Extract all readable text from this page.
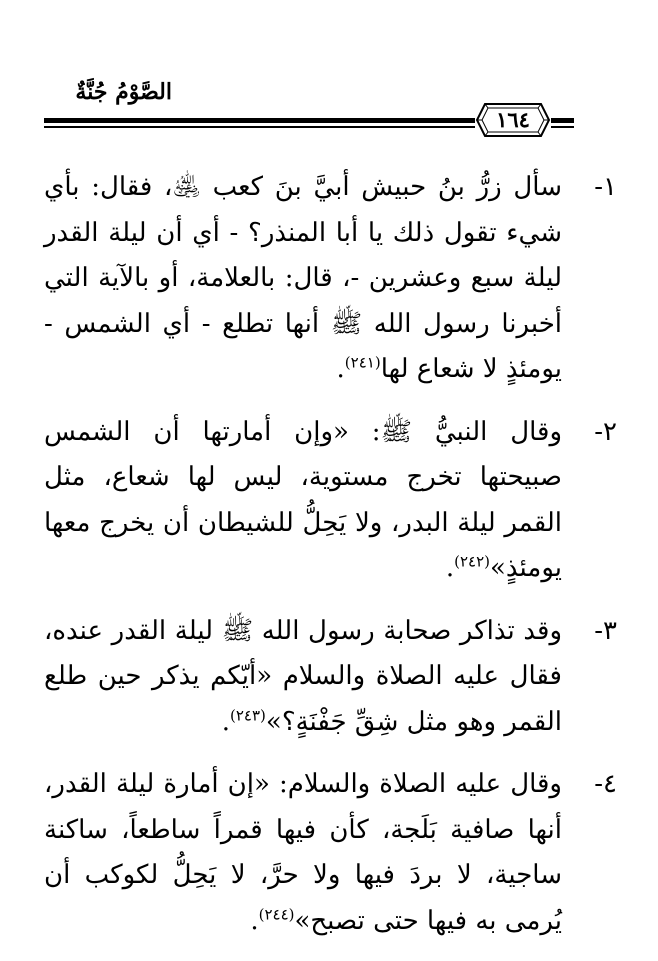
الصَّوْمُ جُنَّةٌ
١٦٤
١-
سأل زرُّ بنُ حبيش أبيَّ بنَ كعب ﵁، فقال: بأي شيء تقول ذلك يا أبا المنذر؟ - أي أن ليلة القدر ليلة سبع وعشرين -، قال: بالعلامة، أو بالآية التي أخبرنا رسول الله ﷺ أنها تطلع - أي الشمس - يومئذٍ لا شعاع لها$^{(٢٤١)}$.
٢-
وقال النبيُّ ﷺ: «وإن أمارتها أن الشمس صبيحتها تخرج مستوية، ليس لها شعاع، مثل القمر ليلة البدر، ولا يَحِلُّ للشيطان أن يخرج معها يومئذٍ»$^{(٢٤٢)}$.
٣-
وقد تذاكر صحابة رسول الله ﷺ ليلة القدر عنده، فقال عليه الصلاة والسلام «أيّكم يذكر حين طلع القمر وهو مثل شِقِّ جَفْنَةٍ؟»$^{(٢٤٣)}$.
٤-
وقال عليه الصلاة والسلام: «إن أمارة ليلة القدر، أنها صافية بَلَجة، كأن فيها قمراً ساطعاً، ساكنة ساجية، لا بردَ فيها ولا حرَّ، لا يَحِلُّ لكوكب أن يُرمى به فيها حتى تصبح»$^{(٢٤٤)}$.
